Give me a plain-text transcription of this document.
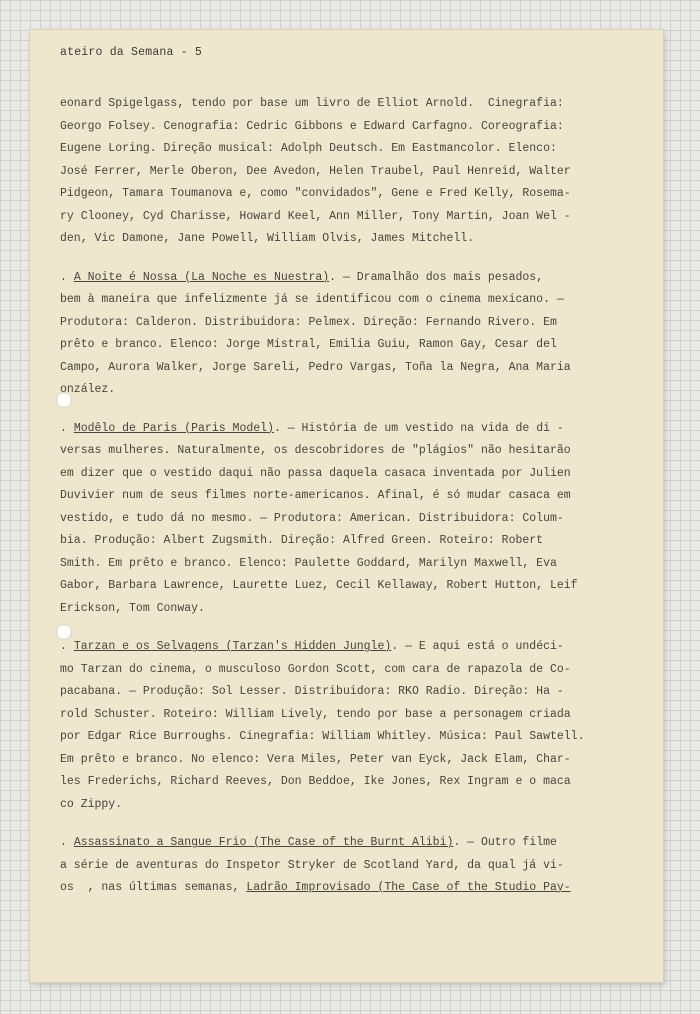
ateiro da Semana - 5
eonard Spigelgass, tendo por base um livro de Elliot Arnold.  Cinegrafia:
Georgo Folsey. Cenografia: Cedric Gibbons e Edward Carfagno. Coreografia:
Eugene Loring. Direção musical: Adolph Deutsch. Em Eastmancolor. Elenco:
José Ferrer, Merle Oberon, Dee Avedon, Helen Traubel, Paul Henreid, Walter
Pidgeon, Tamara Toumanova e, como "convidados", Gene e Fred Kelly, Rosema-
ry Clooney, Cyd Charisse, Howard Keel, Ann Miller, Tony Martin, Joan Wel -
den, Vic Damone, Jane Powell, William Olvis, James Mitchell.
. A Noite é Nossa (La Noche es Nuestra). — Dramalhão dos mais pesados,
bem à maneira que infelizmente já se identificou com o cinema mexicano. —
Produtora: Calderon. Distribuidora: Pelmex. Direção: Fernando Rivero. Em
prêto e branco. Elenco: Jorge Mistral, Emilia Guiu, Ramon Gay, Cesar del
Campo, Aurora Walker, Jorge Sareli, Pedro Vargas, Toña la Negra, Ana Maria
onzález.
. Modêlo de Paris (Paris Model). — História de um vestido na vida de di -
versas mulheres. Naturalmente, os descobridores de "plágios" não hesitarão
em dizer que o vestido daqui não passa daquela casaca inventada por Julien
Duvivier num de seus filmes norte-americanos. Afinal, é só mudar casaca em
vestido, e tudo dá no mesmo. — Produtora: American. Distribuidora: Colum-
bia. Produção: Albert Zugsmith. Direção: Alfred Green. Roteiro: Robert
Smith. Em prêto e branco. Elenco: Paulette Goddard, Marilyn Maxwell, Eva
Gabor, Barbara Lawrence, Laurette Luez, Cecil Kellaway, Robert Hutton, Leif
Erickson, Tom Conway.
. Tarzan e os Selvagens (Tarzan's Hidden Jungle). — E aqui está o undéci-
mo Tarzan do cinema, o musculoso Gordon Scott, com cara de rapazola de Co-
pacabana. — Produção: Sol Lesser. Distribuidora: RKO Radio. Direção: Ha -
rold Schuster. Roteiro: William Lively, tendo por base a personagem criada
por Edgar Rice Burroughs. Cinegrafia: William Whitley. Música: Paul Sawtell.
Em prêto e branco. No elenco: Vera Miles, Peter van Eyck, Jack Elam, Char-
les Frederichs, Richard Reeves, Don Beddoe, Ike Jones, Rex Ingram e o maca
co Zippy.
. Assassinato a Sangue Frio (The Case of the Burnt Alibi). — Outro filme
a série de aventuras do Inspetor Stryker de Scotland Yard, da qual já vi-
os  , nas últimas semanas, Ladrão Improvisado (The Case of the Studio Pay-
